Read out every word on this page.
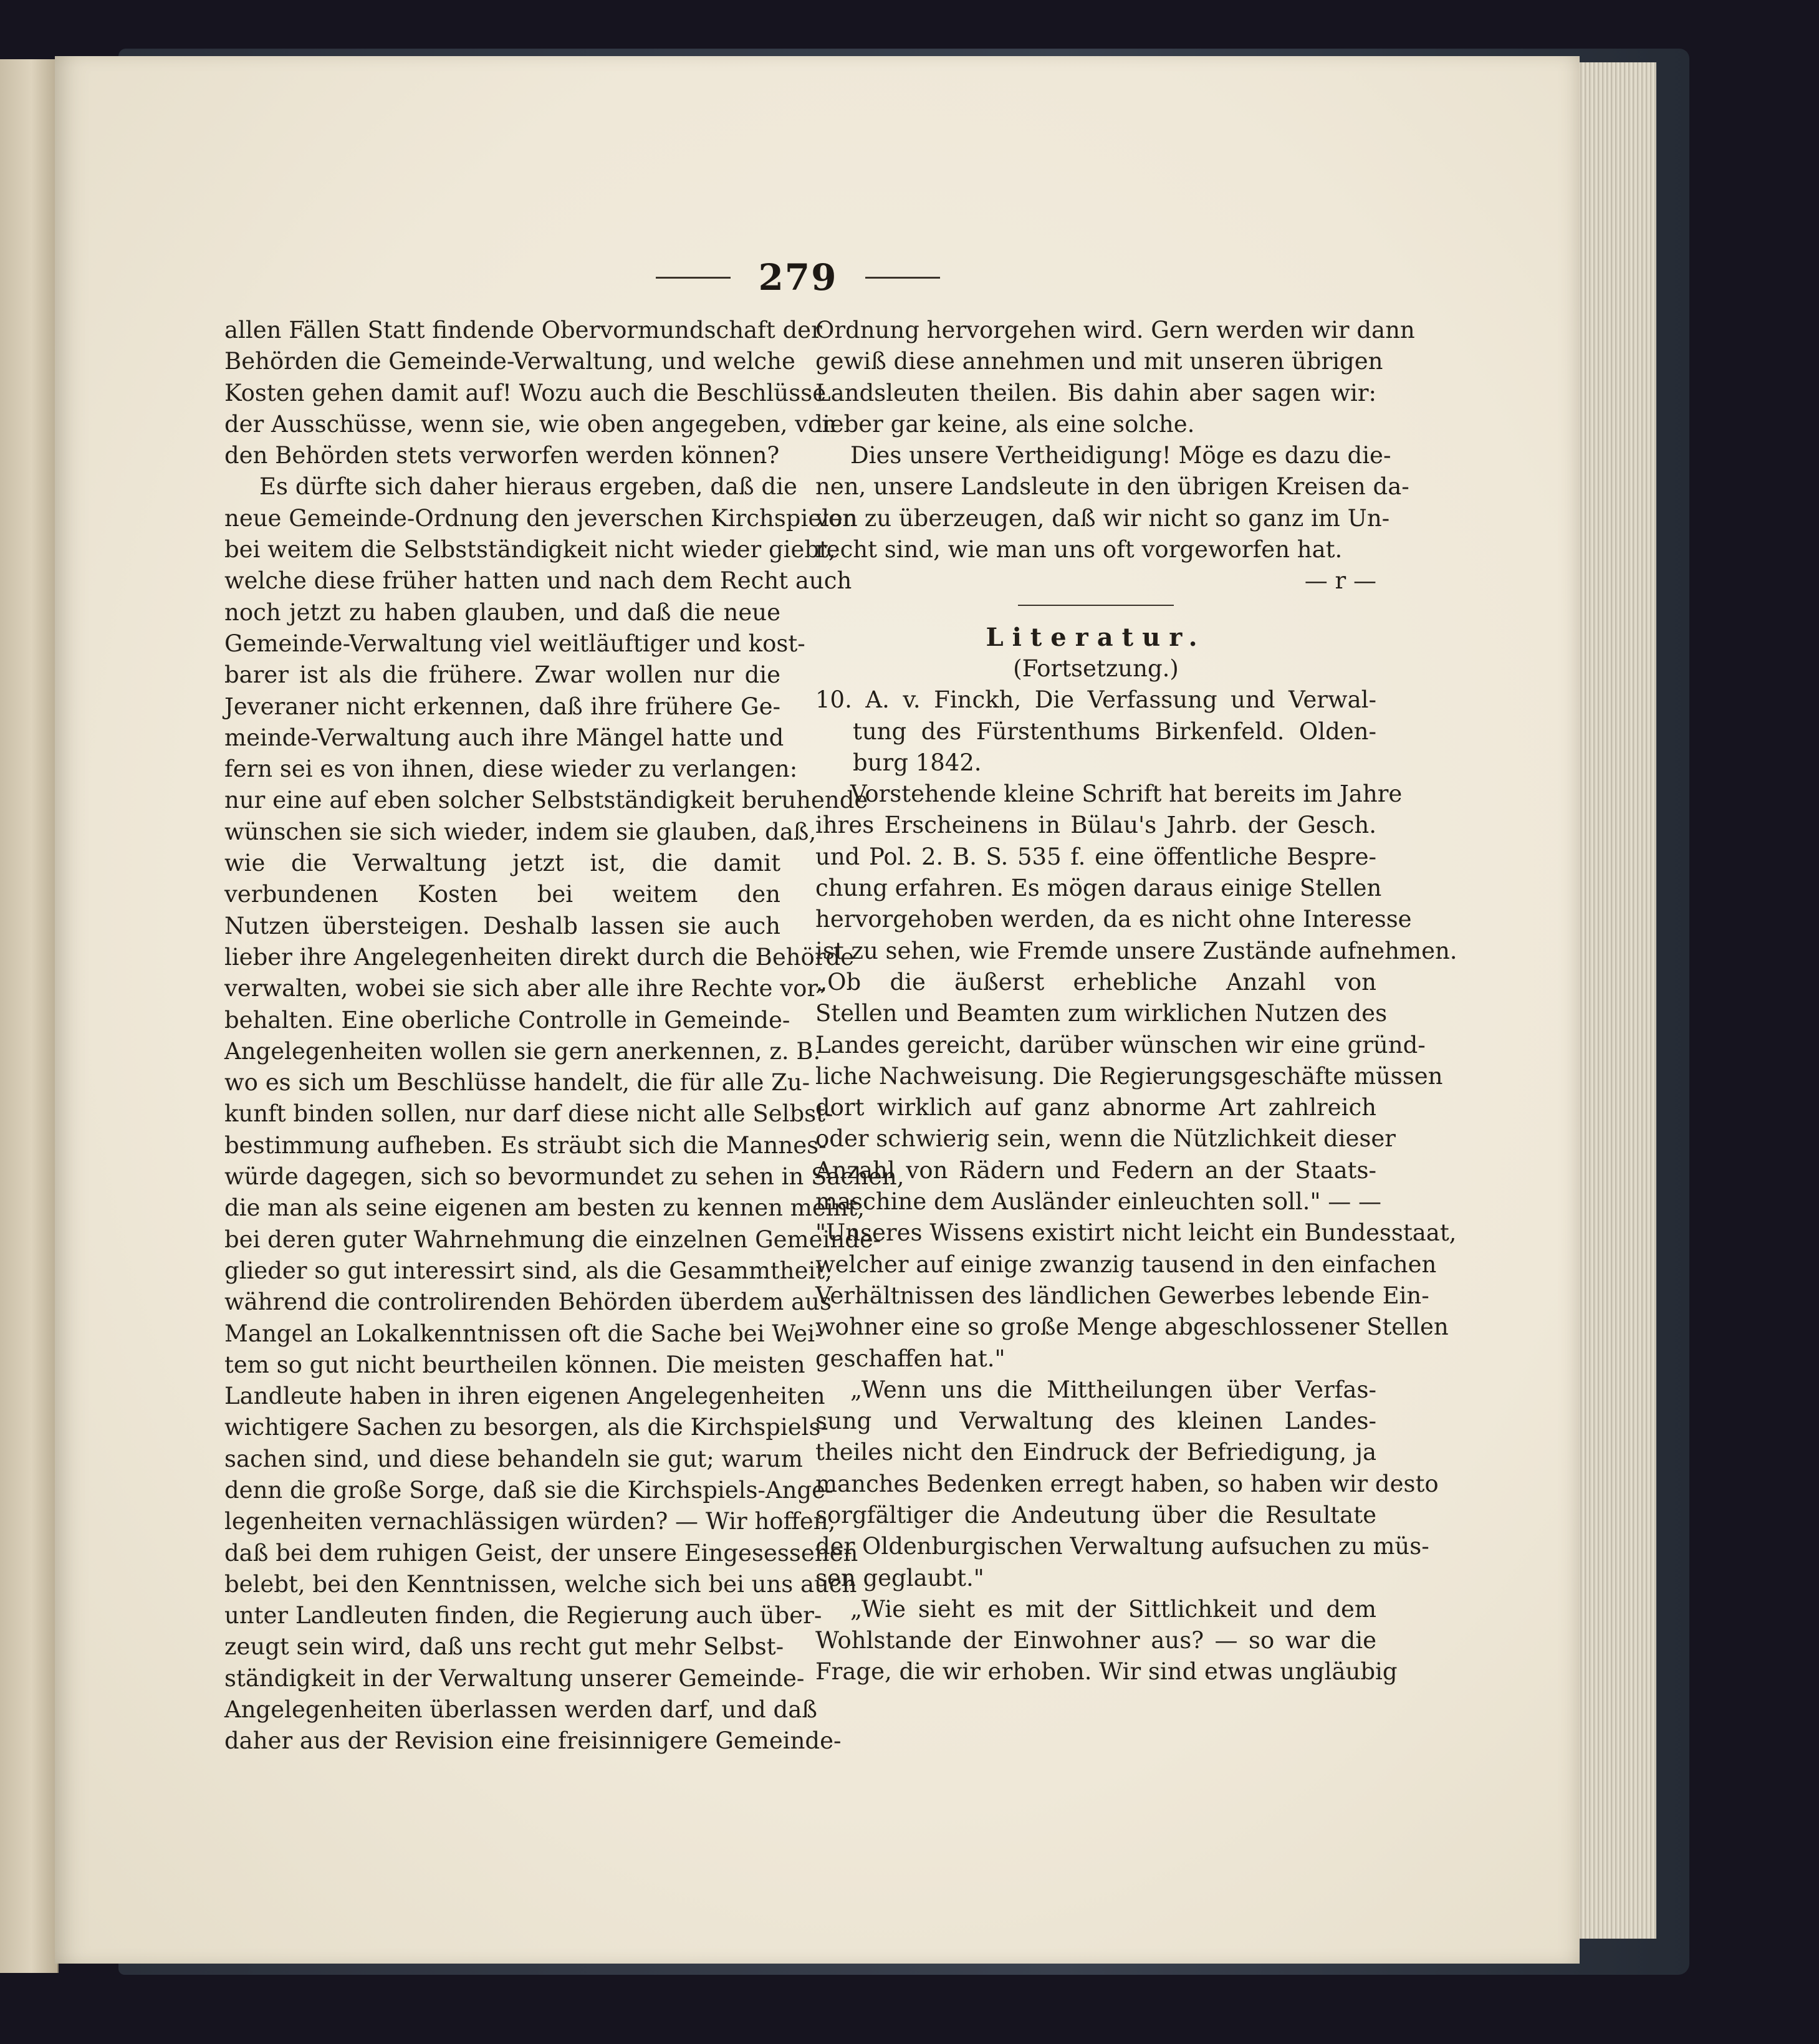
279
allen Fällen Statt findende Obervormundschaft der
Behörden die Gemeinde-Verwaltung, und welche
Kosten gehen damit auf! Wozu auch die Beschlüsse
der Ausschüsse, wenn sie, wie oben angegeben, von
den Behörden stets verworfen werden können?
Es dürfte sich daher hieraus ergeben, daß die
neue Gemeinde-Ordnung den jeverschen Kirchspielen
bei weitem die Selbstständigkeit nicht wieder giebt,
welche diese früher hatten und nach dem Recht auch
noch jetzt zu haben glauben, und daß die neue
Gemeinde-Verwaltung viel weitläuftiger und kost-
barer ist als die frühere. Zwar wollen nur die
Jeveraner nicht erkennen, daß ihre frühere Ge-
meinde-Verwaltung auch ihre Mängel hatte und
fern sei es von ihnen, diese wieder zu verlangen:
nur eine auf eben solcher Selbstständigkeit beruhende
wünschen sie sich wieder, indem sie glauben, daß,
wie die Verwaltung jetzt ist, die damit
verbundenen Kosten bei weitem den
Nutzen übersteigen. Deshalb lassen sie auch
lieber ihre Angelegenheiten direkt durch die Behörde
verwalten, wobei sie sich aber alle ihre Rechte vor-
behalten. Eine oberliche Controlle in Gemeinde-
Angelegenheiten wollen sie gern anerkennen, z. B.
wo es sich um Beschlüsse handelt, die für alle Zu-
kunft binden sollen, nur darf diese nicht alle Selbst-
bestimmung aufheben. Es sträubt sich die Mannes-
würde dagegen, sich so bevormundet zu sehen in Sachen,
die man als seine eigenen am besten zu kennen meint,
bei deren guter Wahrnehmung die einzelnen Gemeinde-
glieder so gut interessirt sind, als die Gesammtheit,
während die controlirenden Behörden überdem aus
Mangel an Lokalkenntnissen oft die Sache bei Wei-
tem so gut nicht beurtheilen können. Die meisten
Landleute haben in ihren eigenen Angelegenheiten
wichtigere Sachen zu besorgen, als die Kirchspiels-
sachen sind, und diese behandeln sie gut; warum
denn die große Sorge, daß sie die Kirchspiels-Ange-
legenheiten vernachlässigen würden? — Wir hoffen,
daß bei dem ruhigen Geist, der unsere Eingesessenen
belebt, bei den Kenntnissen, welche sich bei uns auch
unter Landleuten finden, die Regierung auch über-
zeugt sein wird, daß uns recht gut mehr Selbst-
ständigkeit in der Verwaltung unserer Gemeinde-
Angelegenheiten überlassen werden darf, und daß
daher aus der Revision eine freisinnigere Gemeinde-
Ordnung hervorgehen wird. Gern werden wir dann
gewiß diese annehmen und mit unseren übrigen
Landsleuten theilen. Bis dahin aber sagen wir:
lieber gar keine, als eine solche.
Dies unsere Vertheidigung! Möge es dazu die-
nen, unsere Landsleute in den übrigen Kreisen da-
von zu überzeugen, daß wir nicht so ganz im Un-
recht sind, wie man uns oft vorgeworfen hat.
— r —
Literatur.
(Fortsetzung.)
10. A. v. Finckh, Die Verfassung und Verwal-
tung des Fürstenthums Birkenfeld. Olden-
burg 1842.
Vorstehende kleine Schrift hat bereits im Jahre
ihres Erscheinens in Bülau's Jahrb. der Gesch.
und Pol. 2. B. S. 535 f. eine öffentliche Bespre-
chung erfahren. Es mögen daraus einige Stellen
hervorgehoben werden, da es nicht ohne Interesse
ist zu sehen, wie Fremde unsere Zustände aufnehmen.
„Ob die äußerst erhebliche Anzahl von
Stellen und Beamten zum wirklichen Nutzen des
Landes gereicht, darüber wünschen wir eine gründ-
liche Nachweisung. Die Regierungsgeschäfte müssen
dort wirklich auf ganz abnorme Art zahlreich
oder schwierig sein, wenn die Nützlichkeit dieser
Anzahl von Rädern und Federn an der Staats-
maschine dem Ausländer einleuchten soll." — —
"Unseres Wissens existirt nicht leicht ein Bundesstaat,
welcher auf einige zwanzig tausend in den einfachen
Verhältnissen des ländlichen Gewerbes lebende Ein-
wohner eine so große Menge abgeschlossener Stellen
geschaffen hat."
„Wenn uns die Mittheilungen über Verfas-
sung und Verwaltung des kleinen Landes-
theiles nicht den Eindruck der Befriedigung, ja
manches Bedenken erregt haben, so haben wir desto
sorgfältiger die Andeutung über die Resultate
der Oldenburgischen Verwaltung aufsuchen zu müs-
sen geglaubt."
„Wie sieht es mit der Sittlichkeit und dem
Wohlstande der Einwohner aus? — so war die
Frage, die wir erhoben. Wir sind etwas ungläubig
